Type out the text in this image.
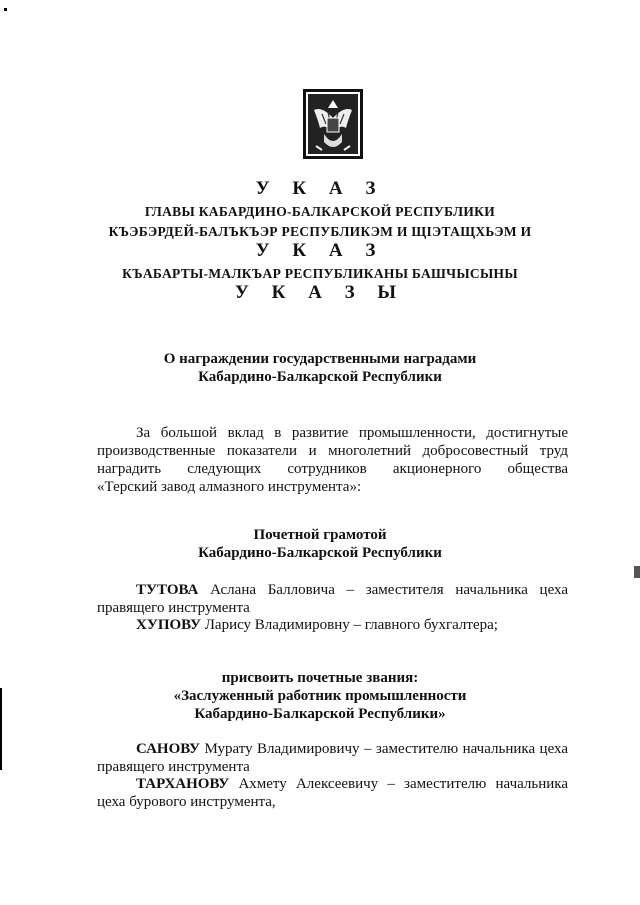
У К А З
ГЛАВЫ КАБАРДИНО-БАЛКАРСКОЙ РЕСПУБЛИКИ
КЪЭБЭРДЕЙ-БАЛЪКЪЭР РЕСПУБЛИКЭМ И ЩIЭТАЩХЬЭМ И
У К А З
КЪАБАРТЫ-МАЛКЪАР РЕСПУБЛИКАНЫ БАШЧЫСЫНЫ
У К А З Ы
О награждении государственными наградами
Кабардино-Балкарской Республики
За большой вклад в развитие промышленности, достигнутые
производственные показатели и многолетний добросовестный труд
наградить следующих сотрудников акционерного общества
«Терский завод алмазного инструмента»:
Почетной грамотой
Кабардино-Балкарской Республики
ТУТОВА Аслана Балловича – заместителя начальника цеха
правящего инструмента
ХУПОВУ Ларису Владимировну – главного бухгалтера;
присвоить почетные звания:
«Заслуженный работник промышленности
Кабардино-Балкарской Республики»
САНОВУ Мурату Владимировичу – заместителю начальника цеха
правящего инструмента
ТАРХАНОВУ Ахмету Алексеевичу – заместителю начальника
цеха бурового инструмента,
